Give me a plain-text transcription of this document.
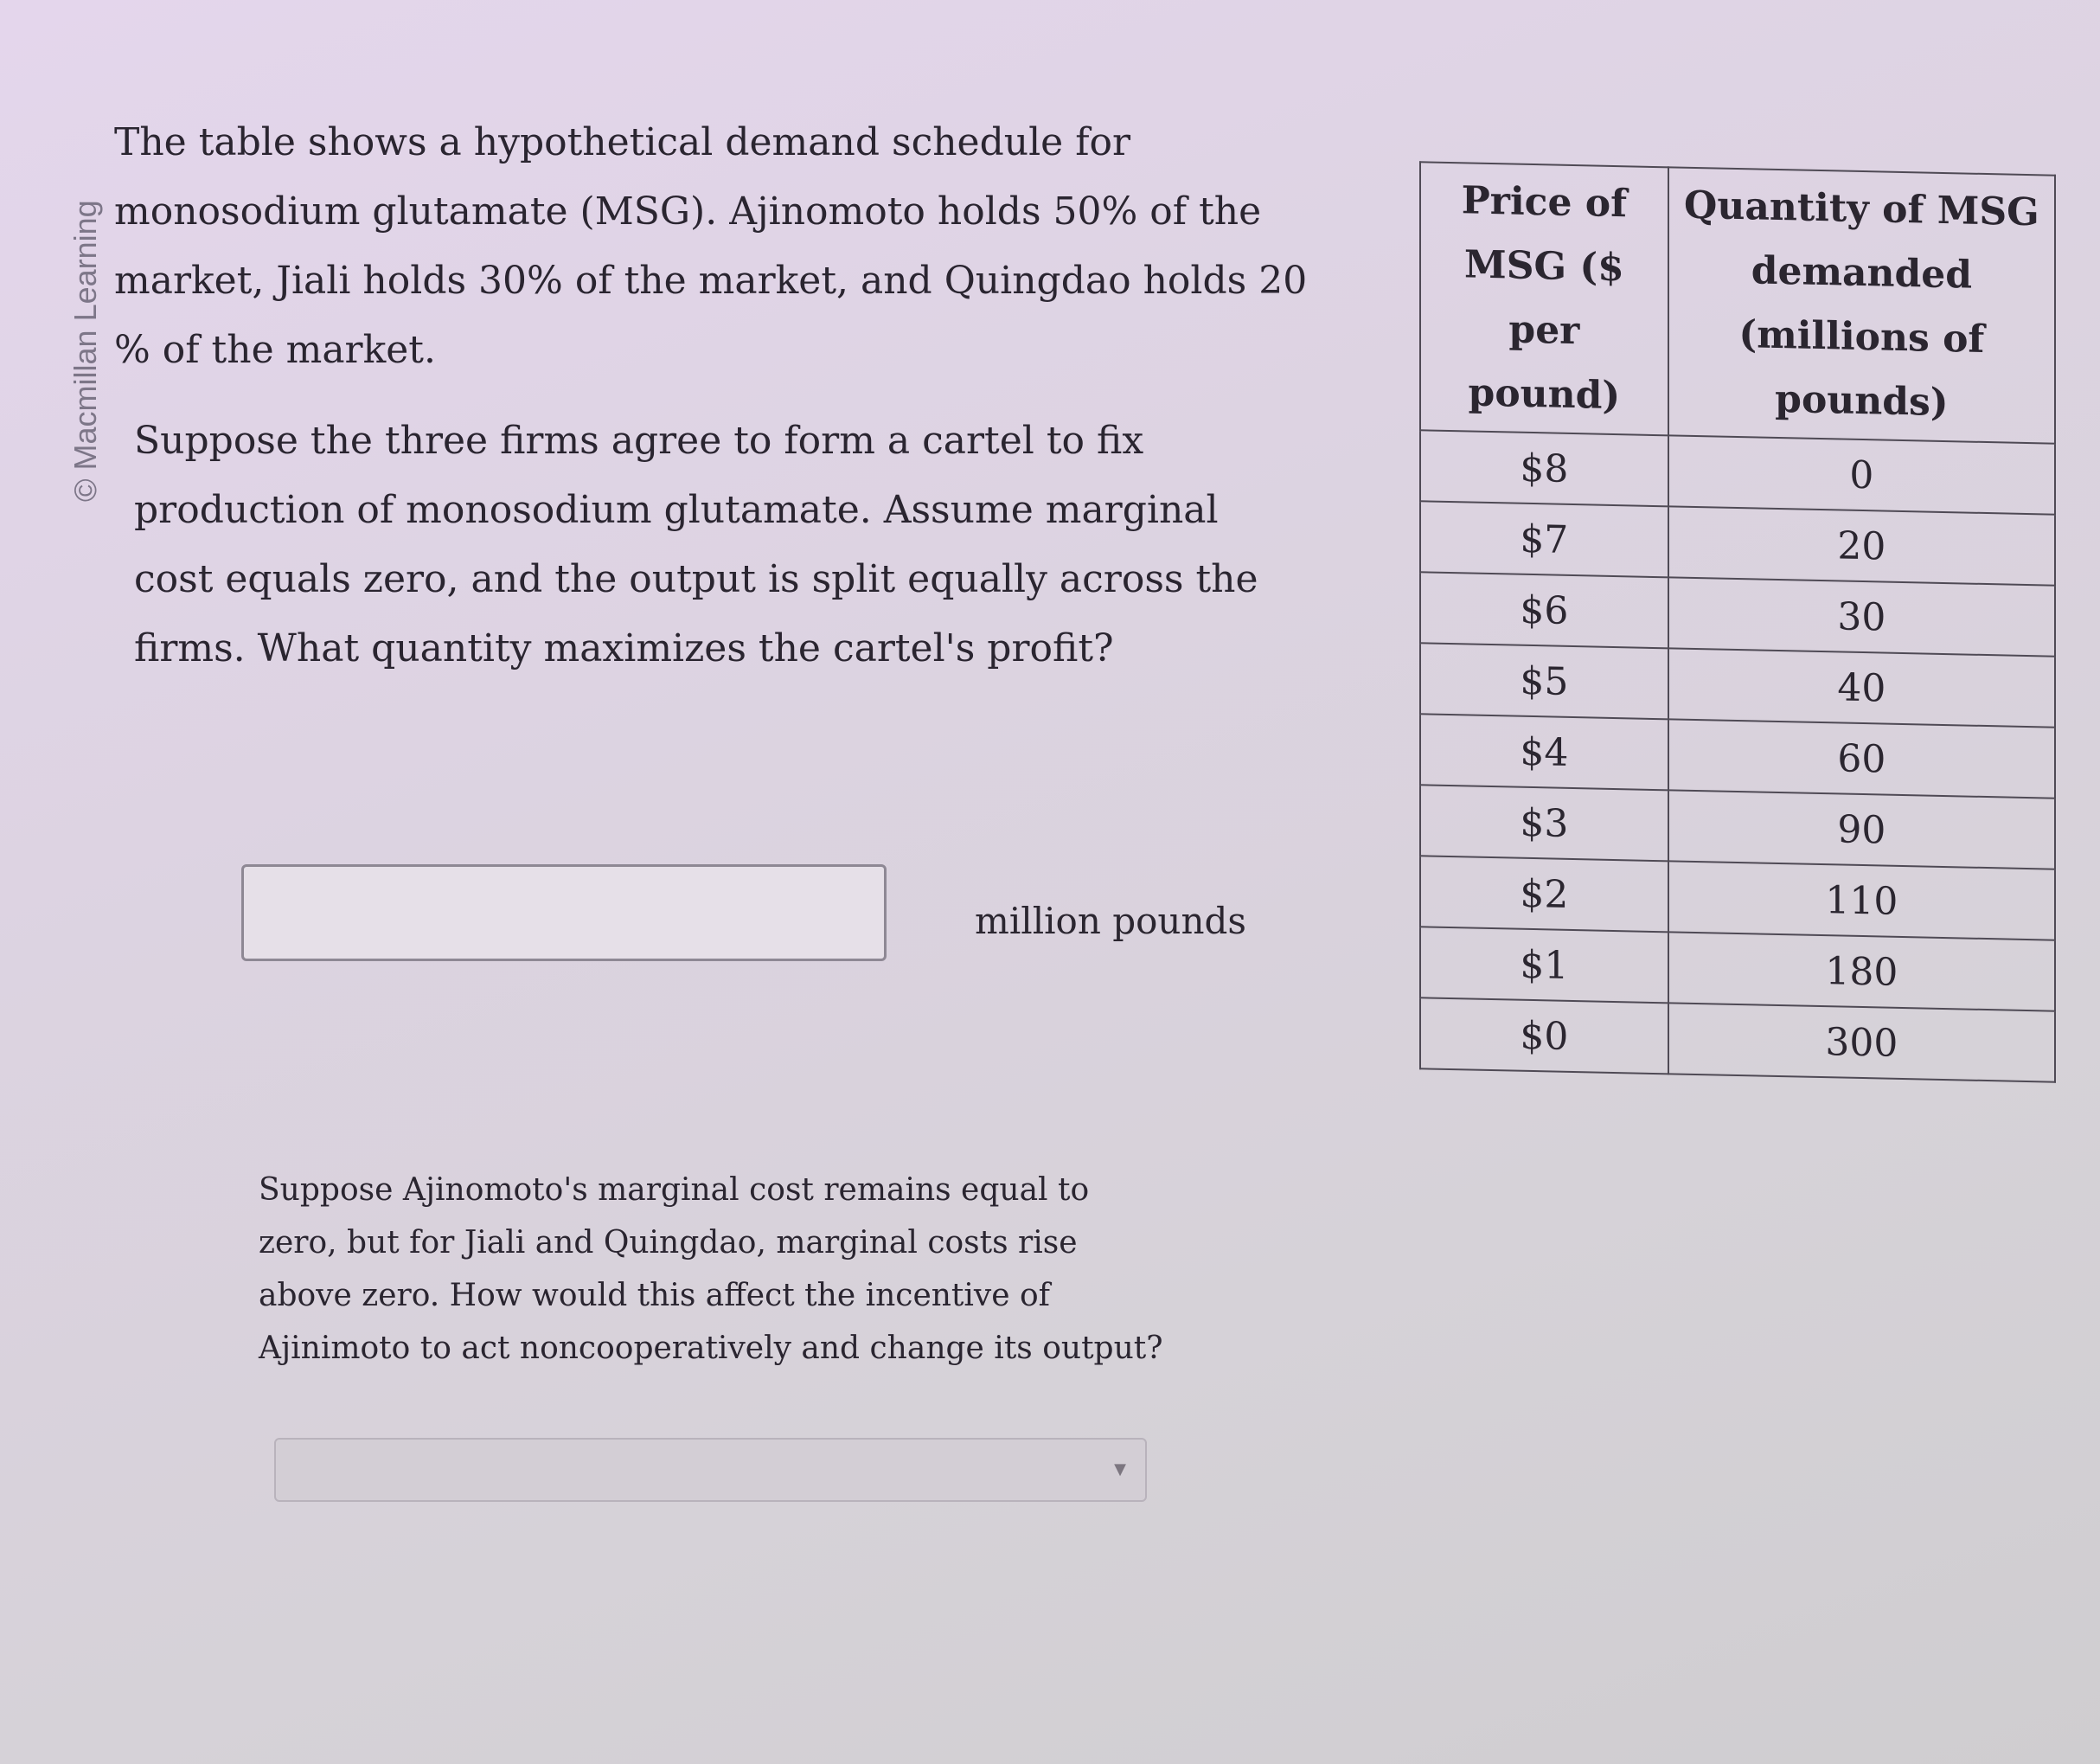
© Macmillan Learning
The table shows a hypothetical demand schedule for monosodium glutamate (MSG). Ajinomoto holds 50% of the market, Jiali holds 30% of the market, and Quingdao holds 20 % of the market.
Suppose the three firms agree to form a cartel to fix production of monosodium glutamate. Assume marginal cost equals zero, and the output is split equally across the firms. What quantity maximizes the cartel's profit?
million pounds
Suppose Ajinomoto's marginal cost remains equal to zero, but for Jiali and Quingdao, marginal costs rise above zero. How would this affect the incentive of Ajinimoto to act noncooperatively and change its output?
▼
Price of MSG ($ per pound)	Quantity of MSG demanded (millions of pounds)
$8	0
$7	20
$6	30
$5	40
$4	60
$3	90
$2	110
$1	180
$0	300
